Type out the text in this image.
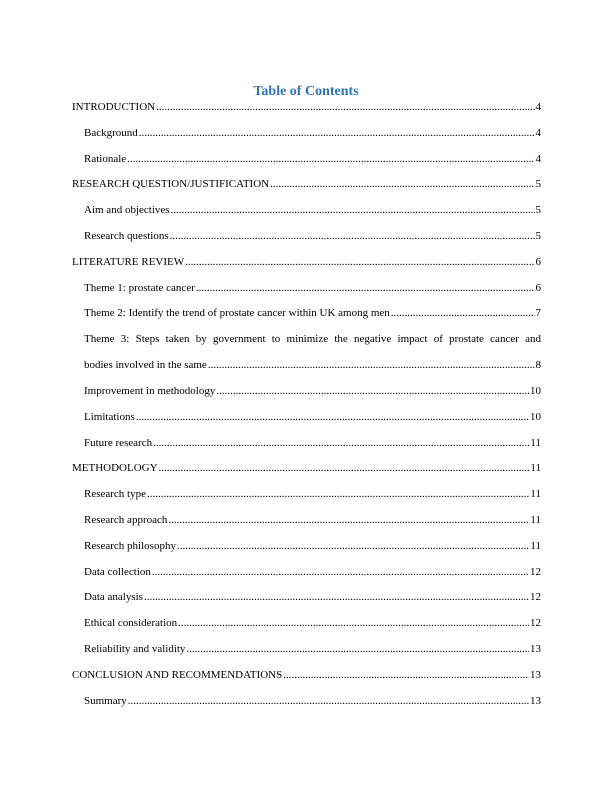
Table of Contents
INTRODUCTION .....	4
Background .....	4
Rationale .....	4
RESEARCH QUESTION/JUSTIFICATION .....	5
Aim and objectives .....	5
Research questions .....	5
LITERATURE REVIEW .....	6
Theme 1: prostate cancer .....	6
Theme 2: Identify the trend of prostate cancer within UK among men .....	7
Theme 3: Steps taken by government to minimize the negative impact of prostate cancer and
bodies involved in the same .....	8
Improvement in methodology .....	10
Limitations .....	10
Future research .....	11
METHODOLOGY .....	11
Research type .....	11
Research approach .....	11
Research philosophy .....	11
Data collection .....	12
Data analysis .....	12
Ethical consideration .....	12
Reliability and validity .....	13
CONCLUSION AND RECOMMENDATIONS .....	13
Summary .....	13
